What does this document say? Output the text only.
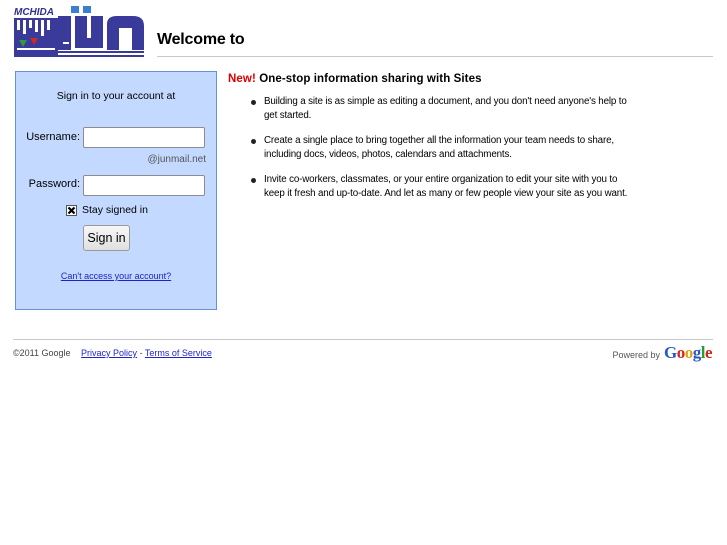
MCHIDA
Welcome to
Sign in to your account at
Username:
@junmail.net
Password:
Stay signed in
Sign in
Can't access your account?
New! One-stop information sharing with Sites
Building a site is as simple as editing a document, and you don't need anyone's help to get started.
Create a single place to bring together all the information your team needs to share, including docs, videos, photos, calendars and attachments.
Invite co-workers, classmates, or your entire organization to edit your site with you to keep it fresh and up-to-date. And let as many or few people view your site as you want.
©2011 Google Privacy Policy - Terms of Service	Powered by Google
